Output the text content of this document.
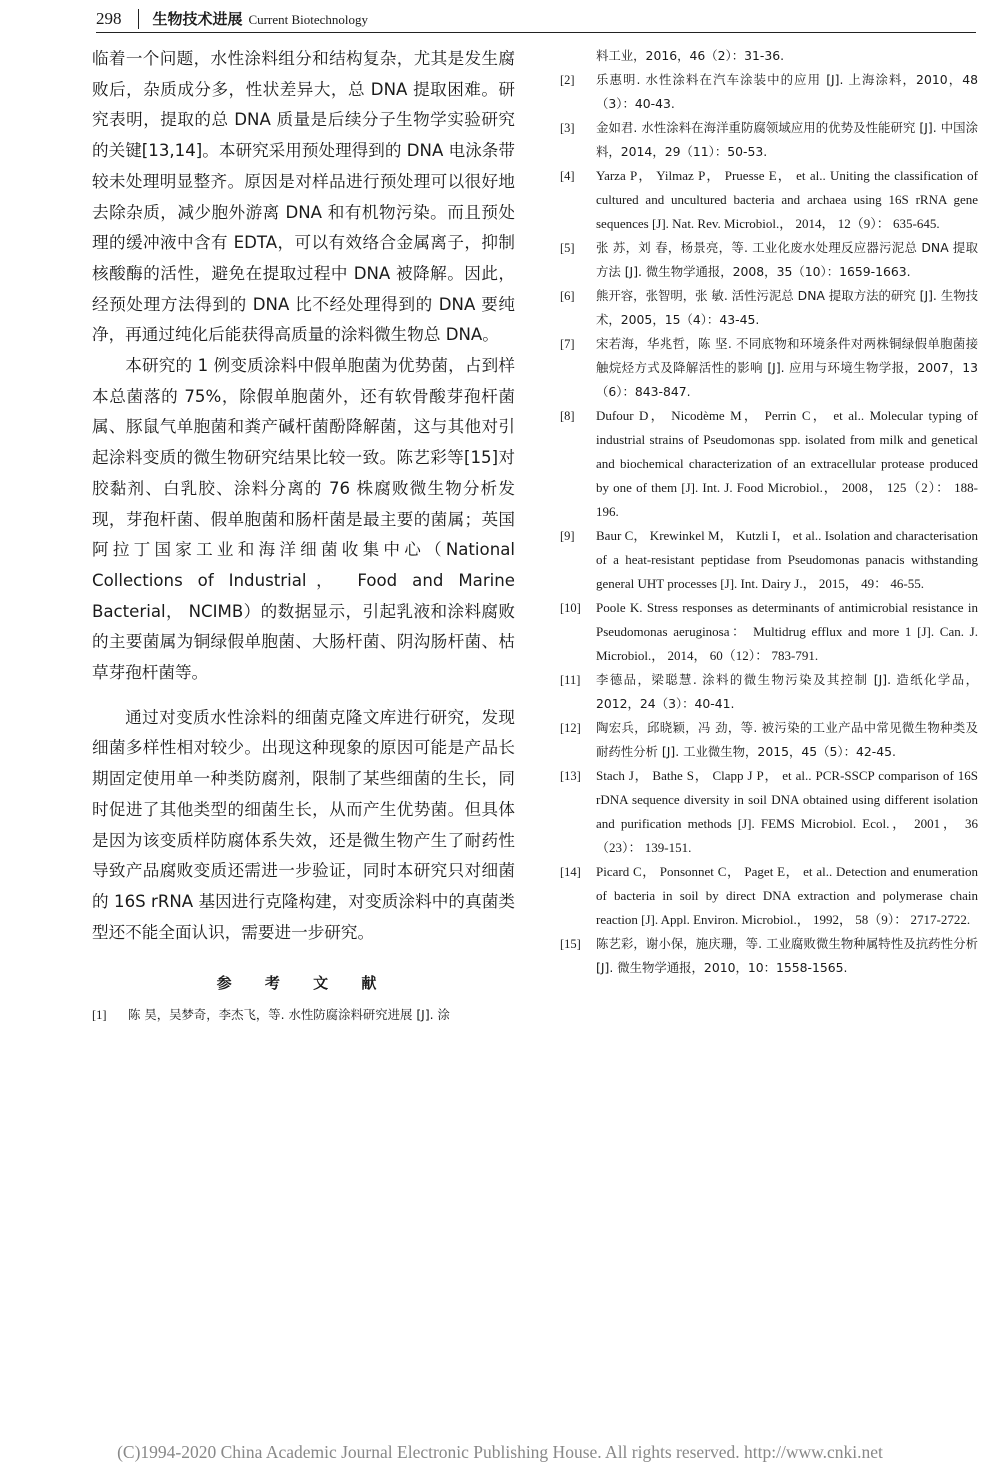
298 生物技术进展 Current Biotechnology

临着一个问题，水性涂料组分和结构复杂，尤其是发生腐败后，杂质成分多，性状差异大，总 DNA 提取困难。研究表明，提取的总 DNA 质量是后续分子生物学实验研究的关键[13,14]。本研究采用预处理得到的 DNA 电泳条带较未处理明显整齐。原因是对样品进行预处理可以很好地去除杂质，减少胞外游离 DNA 和有机物污染。而且预处理的缓冲液中含有 EDTA，可以有效络合金属离子，抑制核酸酶的活性，避免在提取过程中 DNA 被降解。因此，经预处理方法得到的 DNA 比不经处理得到的 DNA 要纯净，再通过纯化后能获得高质量的涂料微生物总 DNA。

本研究的 1 例变质涂料中假单胞菌为优势菌，占到样本总菌落的 75%，除假单胞菌外，还有软骨酸芽孢杆菌属、豚鼠气单胞菌和粪产碱杆菌酚降解菌，这与其他对引起涂料变质的微生物研究结果比较一致。陈艺彩等[15]对胶黏剂、白乳胶、涂料分离的 76 株腐败微生物分析发现，芽孢杆菌、假单胞菌和肠杆菌是最主要的菌属；英国阿拉丁国家工业和海洋细菌收集中心（National Collections of Industrial， Food and Marine Bacterial， NCIMB）的数据显示，引起乳液和涂料腐败的主要菌属为铜绿假单胞菌、大肠杆菌、阴沟肠杆菌、枯草芽孢杆菌等。

通过对变质水性涂料的细菌克隆文库进行研究，发现细菌多样性相对较少。出现这种现象的原因可能是产品长期固定使用单一种类防腐剂，限制了某些细菌的生长，同时促进了其他类型的细菌生长，从而产生优势菌。但具体是因为该变质样防腐体系失效，还是微生物产生了耐药性导致产品腐败变质还需进一步验证，同时本研究只对细菌的 16S rRNA 基因进行克隆构建，对变质涂料中的真菌类型还不能全面认识，需要进一步研究。

参 考 文 献
[1]	陈 昊，吴梦奇，李杰飞，等. 水性防腐涂料研究进展 [J]. 涂
料工业，2016，46（2）：31-36.
[2]	乐惠明. 水性涂料在汽车涂装中的应用 [J]. 上海涂料，2010，48（3）：40-43.
[3]	金如君. 水性涂料在海洋重防腐领域应用的优势及性能研究 [J]. 中国涂料，2014，29（11）：50-53.
[4]	Yarza P， Yilmaz P， Pruesse E， et al.. Uniting the classification of cultured and uncultured bacteria and archaea using 16S rRNA gene sequences [J]. Nat. Rev. Microbiol.， 2014， 12（9）： 635-645.
[5]	张 苏，刘 春，杨景亮，等. 工业化废水处理反应器污泥总 DNA 提取方法 [J]. 微生物学通报，2008，35（10）：1659-1663.
[6]	熊开容，张智明，张 敏. 活性污泥总 DNA 提取方法的研究 [J]. 生物技术，2005，15（4）：43-45.
[7]	宋若海，华兆哲，陈 坚. 不同底物和环境条件对两株铜绿假单胞菌接触烷烃方式及降解活性的影响 [J]. 应用与环境生物学报，2007，13（6）：843-847.
[8]	Dufour D， Nicodème M， Perrin C， et al.. Molecular typing of industrial strains of Pseudomonas spp. isolated from milk and genetical and biochemical characterization of an extracellular protease produced by one of them [J]. Int. J. Food Microbiol.， 2008， 125（2）： 188-196.
[9]	Baur C， Krewinkel M， Kutzli I， et al.. Isolation and characterisation of a heat-resistant peptidase from Pseudomonas panacis withstanding general UHT processes [J]. Int. Dairy J.， 2015， 49： 46-55.
[10]	Poole K. Stress responses as determinants of antimicrobial resistance in Pseudomonas aeruginosa： Multidrug efflux and more 1 [J]. Can. J. Microbiol.， 2014， 60（12）： 783-791.
[11]	李德品，梁聪慧. 涂料的微生物污染及其控制 [J]. 造纸化学品，2012，24（3）：40-41.
[12]	陶宏兵，邱晓颖，冯 劲，等. 被污染的工业产品中常见微生物种类及耐药性分析 [J]. 工业微生物，2015，45（5）：42-45.
[13]	Stach J， Bathe S， Clapp J P， et al.. PCR-SSCP comparison of 16S rDNA sequence diversity in soil DNA obtained using different isolation and purification methods [J]. FEMS Microbiol. Ecol.， 2001， 36（23）： 139-151.
[14]	Picard C， Ponsonnet C， Paget E， et al.. Detection and enumeration of bacteria in soil by direct DNA extraction and polymerase chain reaction [J]. Appl. Environ. Microbiol.， 1992， 58（9）： 2717-2722.
[15]	陈艺彩，谢小保，施庆珊，等. 工业腐败微生物种属特性及抗药性分析 [J]. 微生物学通报，2010，10：1558-1565.
(C)1994-2020 China Academic Journal Electronic Publishing House. All rights reserved. http://www.cnki.net
